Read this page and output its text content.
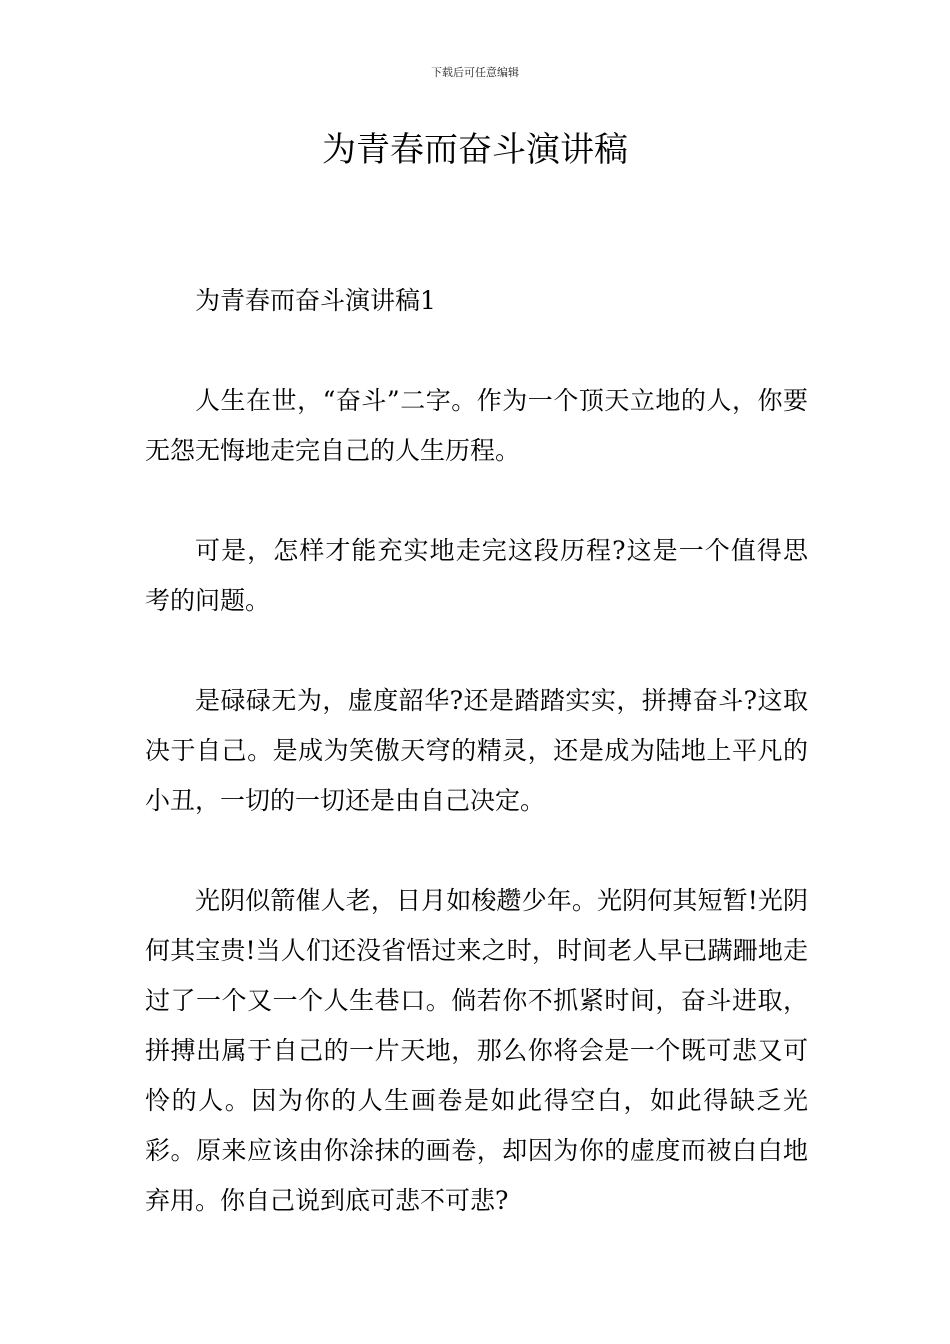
下载后可任意编辑
为青春而奋斗演讲稿

为青春而奋斗演讲稿1

人生在世，“奋斗”二字。作为一个顶天立地的人，你要无怨无悔地走完自己的人生历程。

可是，怎样才能充实地走完这段历程?这是一个值得思考的问题。

是碌碌无为，虚度韶华?还是踏踏实实，拼搏奋斗?这取决于自己。是成为笑傲天穹的精灵，还是成为陆地上平凡的小丑，一切的一切还是由自己决定。

光阴似箭催人老，日月如梭趱少年。光阴何其短暂!光阴何其宝贵!当人们还没省悟过来之时，时间老人早已蹒跚地走过了一个又一个人生巷口。倘若你不抓紧时间，奋斗进取，拼搏出属于自己的一片天地，那么你将会是一个既可悲又可怜的人。因为你的人生画卷是如此得空白，如此得缺乏光彩。原来应该由你涂抹的画卷，却因为你的虚度而被白白地弃用。你自己说到底可悲不可悲?
